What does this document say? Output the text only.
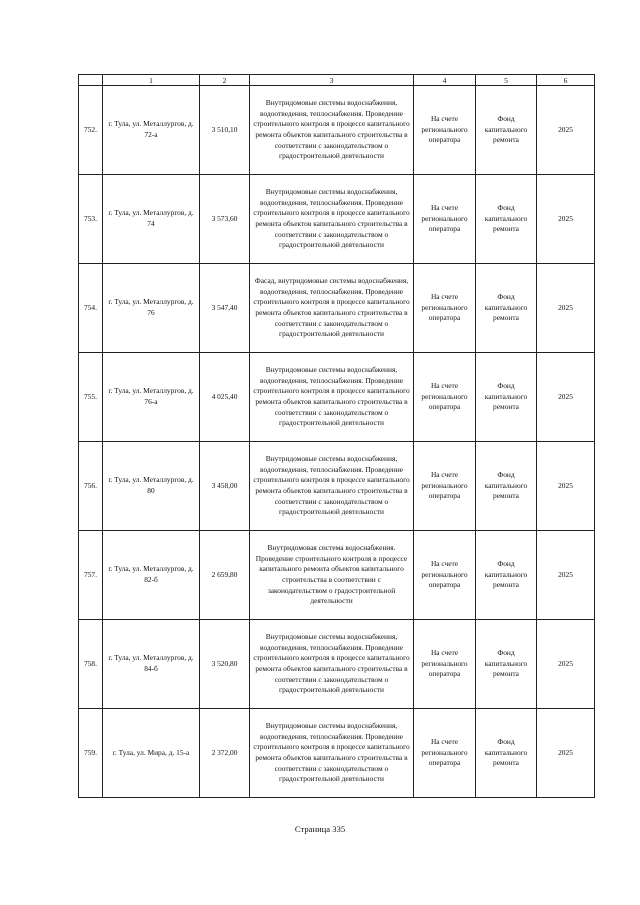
	1	2	3	4	5	6
752.	г. Тула, ул. Металлургов, д. 72-а	3 510,10	Внутридомовые системы водоснабжения, водоотведения, теплоснабжения. Проведение строительного контроля в процессе капитального ремонта объектов капитального строительства в соответствии с законодательством о градостроительной деятельности	На счете регионального оператора	Фонд капитального ремонта	2025
753.	г. Тула, ул. Металлургов, д. 74	3 573,60	Внутридомовые системы водоснабжения, водоотведения, теплоснабжения. Проведение строительного контроля в процессе капитального ремонта объектов капитального строительства в соответствии с законодательством о градостроительной деятельности	На счете регионального оператора	Фонд капитального ремонта	2025
754.	г. Тула, ул. Металлургов, д. 76	3 547,40	Фасад, внутридомовые системы водоснабжения, водоотведения, теплоснабжения. Проведение строительного контроля в процессе капитального ремонта объектов капитального строительства в соответствии с законодательством о градостроительной деятельности	На счете регионального оператора	Фонд капитального ремонта	2025
755.	г. Тула, ул. Металлургов, д. 76-а	4 025,40	Внутридомовые системы водоснабжения, водоотведения, теплоснабжения. Проведение строительного контроля в процессе капитального ремонта объектов капитального строительства в соответствии с законодательством о градостроительной деятельности	На счете регионального оператора	Фонд капитального ремонта	2025
756.	г. Тула, ул. Металлургов, д. 80	3 458,00	Внутридомовые системы водоснабжения, водоотведения, теплоснабжения. Проведение строительного контроля в процессе капитального ремонта объектов капитального строительства в соответствии с законодательством о градостроительной деятельности	На счете регионального оператора	Фонд капитального ремонта	2025
757.	г. Тула, ул. Металлургов, д. 82-б	2 659,80	Внутридомовая система водоснабжения. Проведение строительного контроля в процессе капитального ремонта объектов капитального строительства в соответствии с законодательством о градостроительной деятельности	На счете регионального оператора	Фонд капитального ремонта	2025
758.	г. Тула, ул. Металлургов, д. 84-б	3 520,80	Внутридомовые системы водоснабжения, водоотведения, теплоснабжения. Проведение строительного контроля в процессе капитального ремонта объектов капитального строительства в соответствии с законодательством о градостроительной деятельности	На счете регионального оператора	Фонд капитального ремонта	2025
759.	г. Тула, ул. Мира, д. 15-а	2 372,00	Внутридомовые системы водоснабжения, водоотведения, теплоснабжения. Проведение строительного контроля в процессе капитального ремонта объектов капитального строительства в соответствии с законодательством о градостроительной деятельности	На счете регионального оператора	Фонд капитального ремонта	2025
Страница 335
